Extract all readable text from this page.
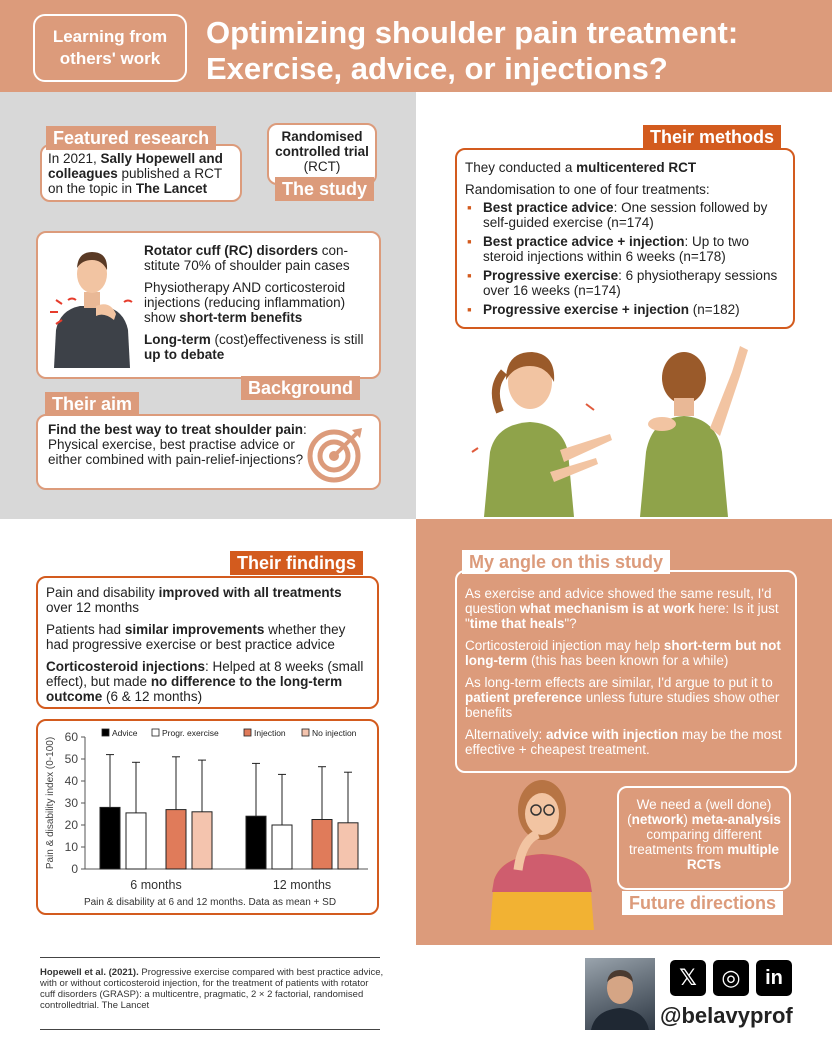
Learning from others' work
Optimizing shoulder pain treatment:
Exercise, advice, or injections?
In 2021, Sally Hopewell and colleagues published a RCT on the topic in The Lancet
Featured research	Randomised controlled trial (RCT)
The study

Rotator cuff (RC) disorders con-stitute 70% of shoulder pain cases

Physiotherapy AND corticosteroid injections (reducing inflammation) show short-term benefits

Long-term (cost)effectiveness is still up to debate

Background
Find the best way to treat shoulder pain: Physical exercise, best practise advice or either combined with pain-relief-injections?
Their aim

They conducted a multicentered RCT

Randomisation to one of four treatments:

▪ Best practice advice: One session followed by self-guided exercise (n=174)
▪ Best practice advice + injection: Up to two steroid injections within 6 weeks (n=178)
▪ Progressive exercise: 6 physiotherapy sessions over 16 weeks (n=174)
▪ Progressive exercise + injection (n=182)
Their methods

Pain and disability improved with all treatments over 12 months

Patients had similar improvements whether they had progressive exercise or best practice advice

Corticosteroid injections: Helped at 8 weeks (small effect), but made no difference to the long-term outcome (6 & 12 months)

Their findings
Advice	Progr. exercise	Injection	No injection
0
10
20
30
40
50
60
Pain & disability index (0-100)
6 months	12 months
Pain & disability at 6 and 12 months. Data as mean + SD

As exercise and advice showed the same result, I'd question what mechanism is at work here: Is it just "time that heals"?

Corticosteroid injection may help short-term but not long-term (this has been known for a while)

As long-term effects are similar, I'd argue to put it to patient preference unless future studies show other benefits

Alternatively: advice with injection may be the most effective + cheapest treatment.

My angle on this study
We need a (well done) (network) meta-analysis comparing different treatments from multiple RCTs
Future directions
Hopewell et al. (2021). Progressive exercise compared with best practice advice, with or without corticosteroid injection, for the treatment of patients with rotator cuff disorders (GRASP): a multicentre, pragmatic, 2 × 2 factorial, randomised controlledtrial. The Lancet
𝕏	◎	in
@belavyprof
